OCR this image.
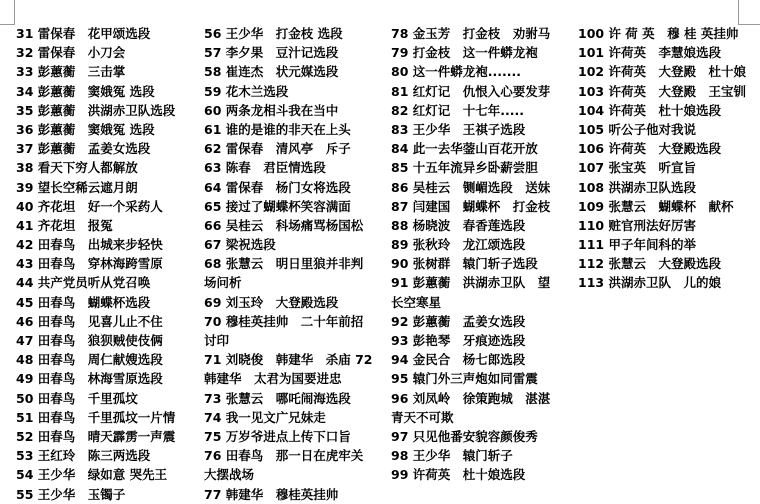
31 雷保春　花甲颂选段
32 雷保春　小刀会
33 彭蕙蘅　三击掌
34 彭蕙蘅　窦娥冤 选段
35 彭蕙蘅　洪湖赤卫队选段
36 彭蕙蘅　窦娥冤 选段
37 彭蕙蘅　孟姜女选段
38 看天下穷人都解放
39 望长空稀云遮月朗
40 齐花坦　好一个采药人
41 齐花坦　报冤
42 田春鸟　出城来步轻快
43 田春鸟　穿林海跨雪原
44 共产党员听从党召唤
45 田春鸟　蝴蝶杯选段
46 田春鸟　见喜儿止不住
47 田春鸟　狼狈贼使伎俩
48 田春鸟　周仁献嫂选段
49 田春鸟　林海雪原选段
50 田春鸟　千里孤坟
51 田春鸟　千里孤坟一片情
52 田春鸟　晴天霹雳一声震
53 王红玲　陈三两选段
54 王少华　绿如意 哭先王
55 王少华　玉镯子
56 王少华　打金枝 选段
57 李夕果　豆汁记选段
58 崔连杰　状元媒选段
59 花木兰选段
60 两条龙相斗我在当中
61 谁的是谁的非天在上头
62 雷保春　清风亭　斥子
63 陈春　君臣情选段
64 雷保春　杨门女将选段
65 接过了蝴蝶杯笑容满面
66 吴桂云　科场痛骂杨国松
67 梁祝选段
68 张慧云　明日里狼并非判
场问析
69 刘玉玲　大登殿选段
70 穆桂英挂帅　二十年前招
讨印
71 刘晓俊　韩建华　杀庙 72
韩建华　太君为国要进忠
73 张慧云　哪吒闹海选段
74 我一见文广兄妹走
75 万岁爷进点上传下口旨
76 田春鸟　那一日在虎牢关
大摆战场
77 韩建华　穆桂英挂帅
78 金玉芳　打金枝　劝驸马
79 打金枝　这一件蟒龙袍
80 这一件蟒龙袍.......
81 红灯记　仇恨入心要发芽
82 红灯记　十七年.....
83 王少华　王祺子选段
84 此一去华蓥山百花开放
85 十五年流异乡卧薪尝胆
86 吴桂云　铡嵋选段　送妹
87 闫建国　蝴蝶杯　打金枝
88 杨晓波　春香莲选段
89 张秋玲　龙江颂选段
90 张树群　辕门斩子选段
91 彭蕙蘅　洪湖赤卫队　望
长空寒星
92 彭蕙蘅　孟姜女选段
93 彭艳琴　牙痕迹选段
94 金民合　杨七郎选段
95 辕门外三声炮如同雷震
96 刘凤岭　徐策跑城　湛湛
青天不可欺
97 只见他番安貌容颜俊秀
98 王少华　辕门斩子
99 许荷英　杜十娘选段
100 许 荷 英　穆 桂 英挂帅
101 许荷英　李慧娘选段
102 许荷英　大登殿　杜十娘
103 许荷英　大登殿　王宝钏
104 许荷英　杜十娘选段
105 听公子他对我说
106 许荷英　大登殿选段
107 张宝英　听宣旨
108 洪湖赤卫队选段
109 张慧云　蝴蝶杯　献杯
110 赃官刑法好厉害
111 甲子年间科的举
112 张慧云　大登殿选段
113 洪湖赤卫队　儿的娘
